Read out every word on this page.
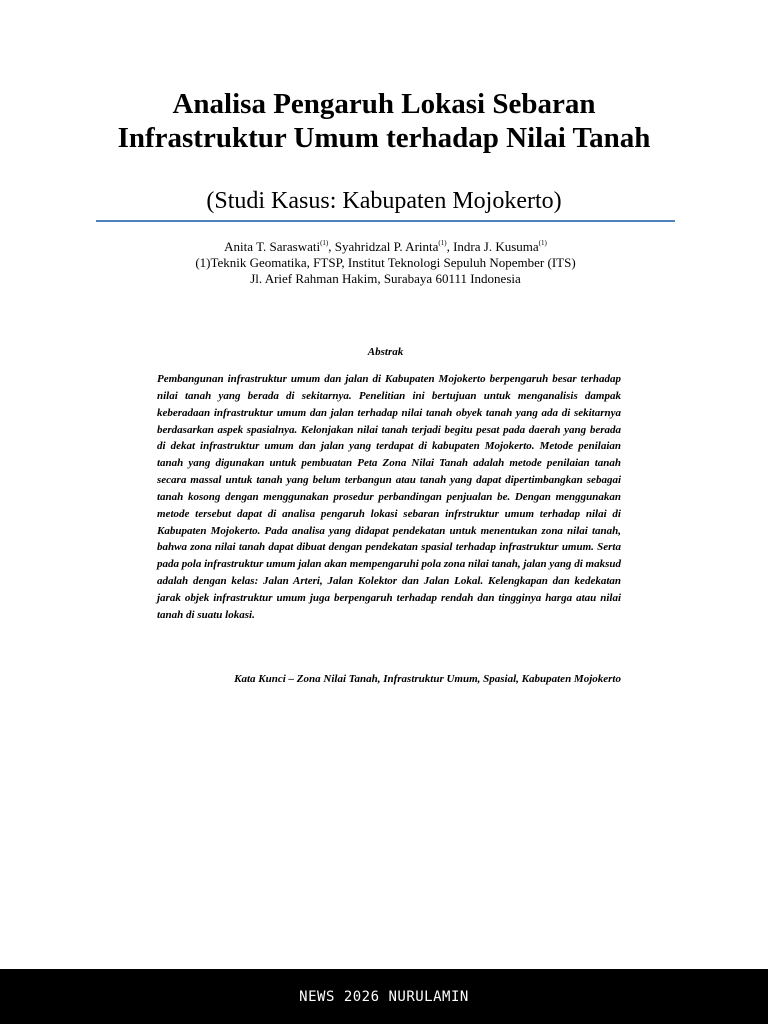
Analisa Pengaruh Lokasi Sebaran Infrastruktur Umum terhadap Nilai Tanah

(Studi Kasus: Kabupaten Mojokerto)

Anita T. Saraswati$^{(1)}$, Syahridzal P. Arinta$^{(1)}$, Indra J. Kusuma$^{(1)}$
(1)Teknik Geomatika, FTSP, Institut Teknologi Sepuluh Nopember (ITS)
Jl. Arief Rahman Hakim, Surabaya 60111 Indonesia

Abstrak

Pembangunan infrastruktur umum dan jalan di Kabupaten Mojokerto berpengaruh besar terhadap nilai tanah yang berada di sekitarnya. Penelitian ini bertujuan untuk menganalisis dampak keberadaan infrastruktur umum dan jalan terhadap nilai tanah obyek tanah yang ada di sekitarnya berdasarkan aspek spasialnya. Kelonjakan nilai tanah terjadi begitu pesat pada daerah yang berada di dekat infrastruktur umum dan jalan yang terdapat di kabupaten Mojokerto. Metode penilaian tanah yang digunakan untuk pembuatan Peta Zona Nilai Tanah adalah metode penilaian tanah secara massal untuk tanah yang belum terbangun atau tanah yang dapat dipertimbangkan sebagai tanah kosong dengan menggunakan prosedur perbandingan penjualan be. Dengan menggunakan metode tersebut dapat di analisa pengaruh lokasi sebaran infrstruktur umum terhadap nilai di Kabupaten Mojokerto. Pada analisa yang didapat pendekatan untuk menentukan zona nilai tanah, bahwa zona nilai tanah dapat dibuat dengan pendekatan spasial terhadap infrastruktur umum. Serta pada pola infrastruktur umum jalan akan mempengaruhi pola zona nilai tanah, jalan yang di maksud adalah dengan kelas: Jalan Arteri, Jalan Kolektor dan Jalan Lokal. Kelengkapan dan kedekatan jarak objek infrastruktur umum juga berpengaruh terhadap rendah dan tingginya harga atau nilai tanah di suatu lokasi.

Kata Kunci – Zona Nilai Tanah, Infrastruktur Umum, Spasial, Kabupaten Mojokerto

NEWS 2026 NURULAMIN
